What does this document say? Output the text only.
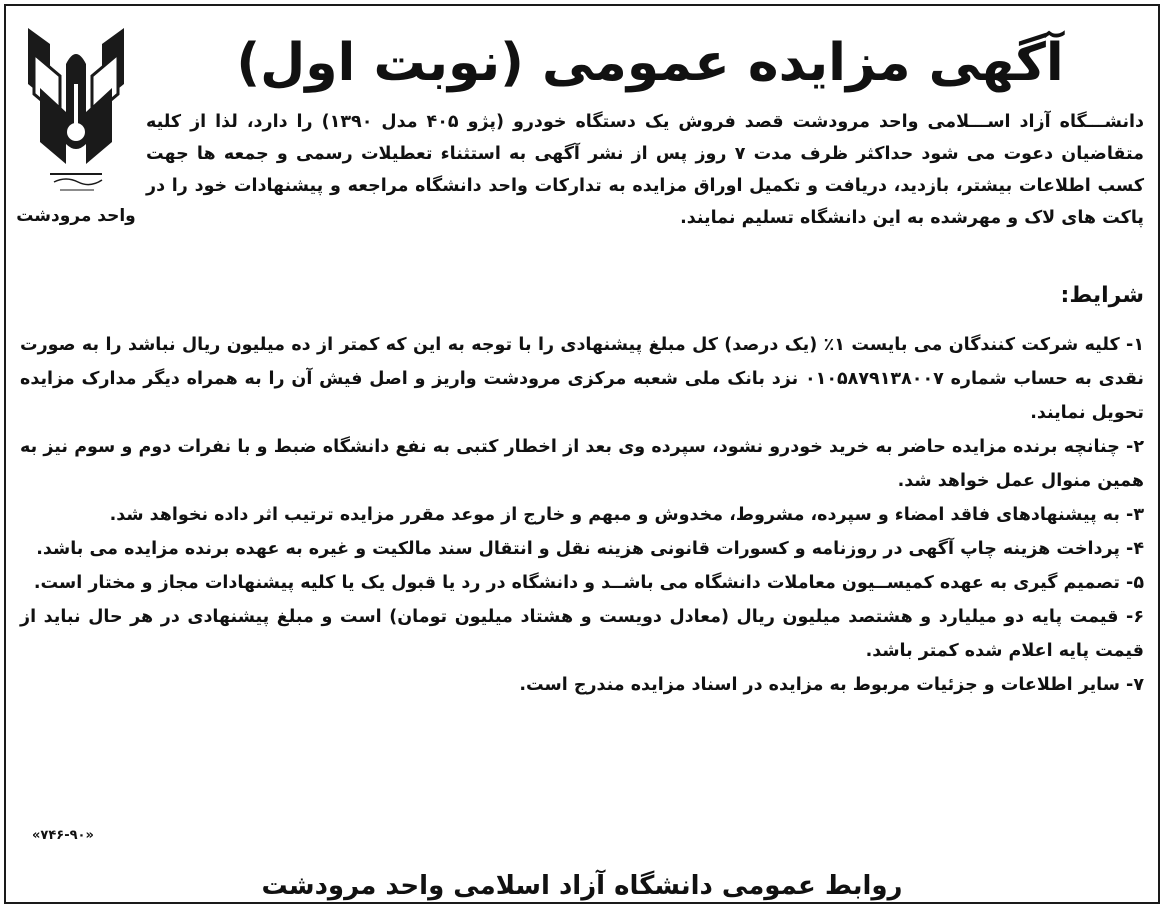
واحد مرودشت
آگهی مزایده عمومی (نوبت اول)

دانشـــگاه آزاد اســـلامی واحد مرودشت قصد فروش یک دستگاه خودرو (پژو ۴۰۵ مدل ۱۳۹۰) را دارد، لذا از کلیه متقاضیان دعوت می شود حداکثر ظرف مدت ۷ روز پس از نشر آگهی به استثناء تعطیلات رسمی و جمعه ها جهت کسب اطلاعات بیشتر، بازدید، دریافت و تکمیل اوراق مزایده به تدارکات واحد دانشگاه مراجعه و پیشنهادات خود را در پاکت های لاک و مهرشده به این دانشگاه تسلیم نمایند.

شرایط:
۱- کلیه شرکت کنندگان می بایست ۱٪ (یک درصد) کل مبلغ پیشنهادی را با توجه به این که کمتر از ده میلیون ریال نباشد را به صورت نقدی به حساب شماره ۰۱۰۵۸۷۹۱۳۸۰۰۷ نزد بانک ملی شعبه مرکزی مرودشت واریز و اصل فیش آن را به همراه دیگر مدارک مزایده تحویل نمایند.
۲- چنانچه برنده مزایده حاضر به خرید خودرو نشود، سپرده وی بعد از اخطار کتبی به نفع دانشگاه ضبط و با نفرات دوم و سوم نیز به همین منوال عمل خواهد شد.
۳- به پیشنهادهای فاقد امضاء و سپرده، مشروط، مخدوش و مبهم و خارج از موعد مقرر مزایده ترتیب اثر داده نخواهد شد.
۴- پرداخت هزینه چاپ آگهی در روزنامه و کسورات قانونی هزینه نقل و انتقال سند مالکیت و غیره به عهده برنده مزایده می باشد.
۵- تصمیم گیری به عهده کمیســیون معاملات دانشگاه می باشــد و دانشگاه در رد یا قبول یک یا کلیه پیشنهادات مجاز و مختار است.
۶- قیمت پایه دو میلیارد و هشتصد میلیون ریال (معادل دویست و هشتاد میلیون تومان) است و مبلغ پیشنهادی در هر حال نباید از قیمت پایه اعلام شده کمتر باشد.
۷- سایر اطلاعات و جزئیات مربوط به مزایده در اسناد مزایده مندرج است.
«۷۴۶-۹۰»
روابط عمومی دانشگاه آزاد اسلامی واحد مرودشت
